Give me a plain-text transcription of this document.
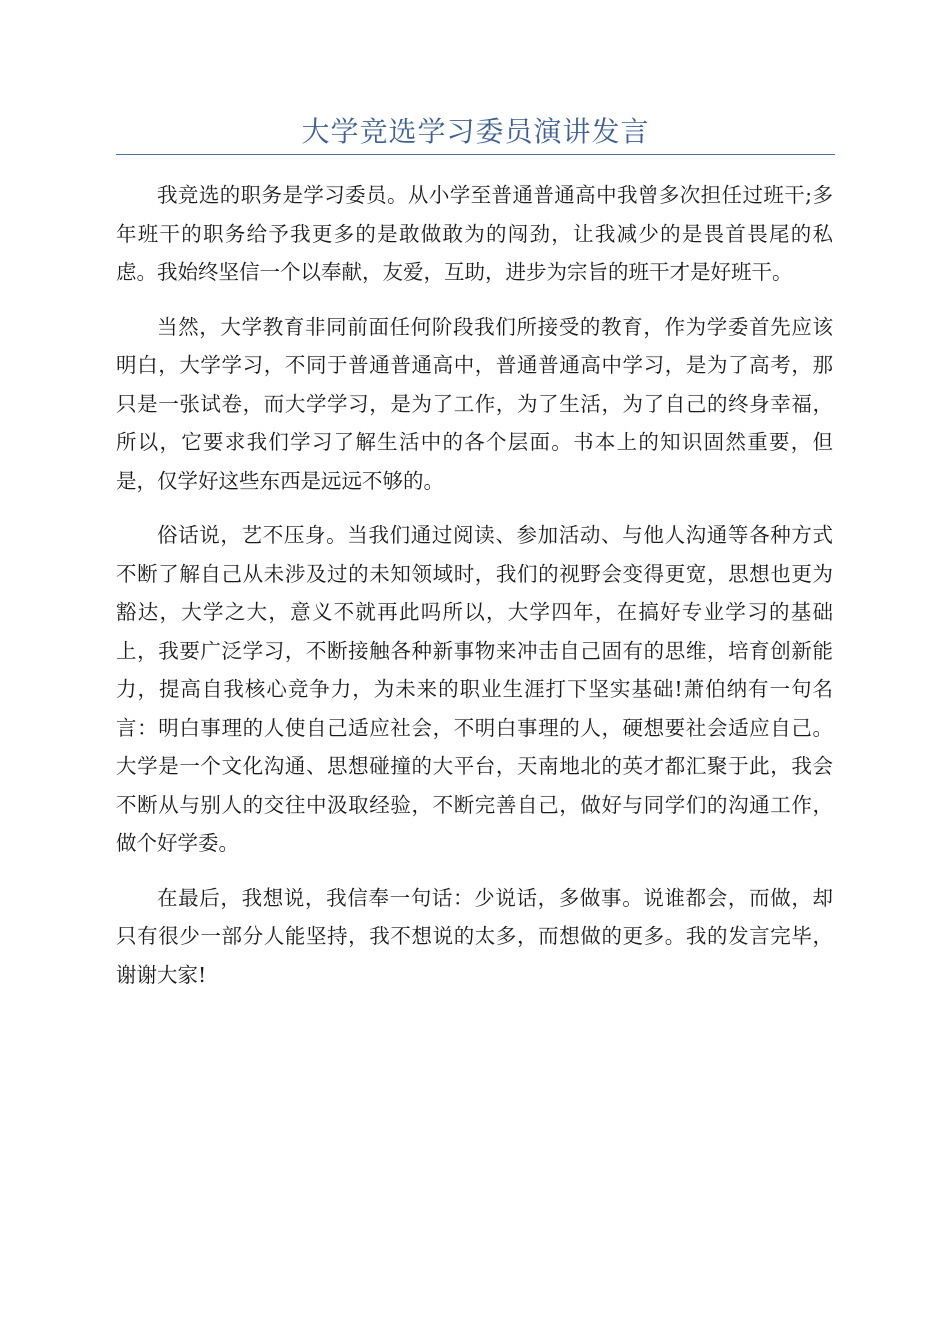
大学竞选学习委员演讲发言

我竞选的职务是学习委员。从小学至普通普通高中我曾多次担任过班干;多年班干的职务给予我更多的是敢做敢为的闯劲，让我减少的是畏首畏尾的私虑。我始终坚信一个以奉献，友爱，互助，进步为宗旨的班干才是好班干。

当然，大学教育非同前面任何阶段我们所接受的教育，作为学委首先应该明白，大学学习，不同于普通普通高中，普通普通高中学习，是为了高考，那只是一张试卷，而大学学习，是为了工作，为了生活，为了自己的终身幸福，所以，它要求我们学习了解生活中的各个层面。书本上的知识固然重要，但是，仅学好这些东西是远远不够的。

俗话说，艺不压身。当我们通过阅读、参加活动、与他人沟通等各种方式不断了解自己从未涉及过的未知领域时，我们的视野会变得更宽，思想也更为豁达，大学之大，意义不就再此吗所以，大学四年，在搞好专业学习的基础上，我要广泛学习，不断接触各种新事物来冲击自己固有的思维，培育创新能力，提高自我核心竞争力，为未来的职业生涯打下坚实基础!萧伯纳有一句名言：明白事理的人使自己适应社会，不明白事理的人，硬想要社会适应自己。大学是一个文化沟通、思想碰撞的大平台，天南地北的英才都汇聚于此，我会不断从与别人的交往中汲取经验，不断完善自己，做好与同学们的沟通工作，做个好学委。

在最后，我想说，我信奉一句话：少说话，多做事。说谁都会，而做，却只有很少一部分人能坚持，我不想说的太多，而想做的更多。我的发言完毕，谢谢大家!
